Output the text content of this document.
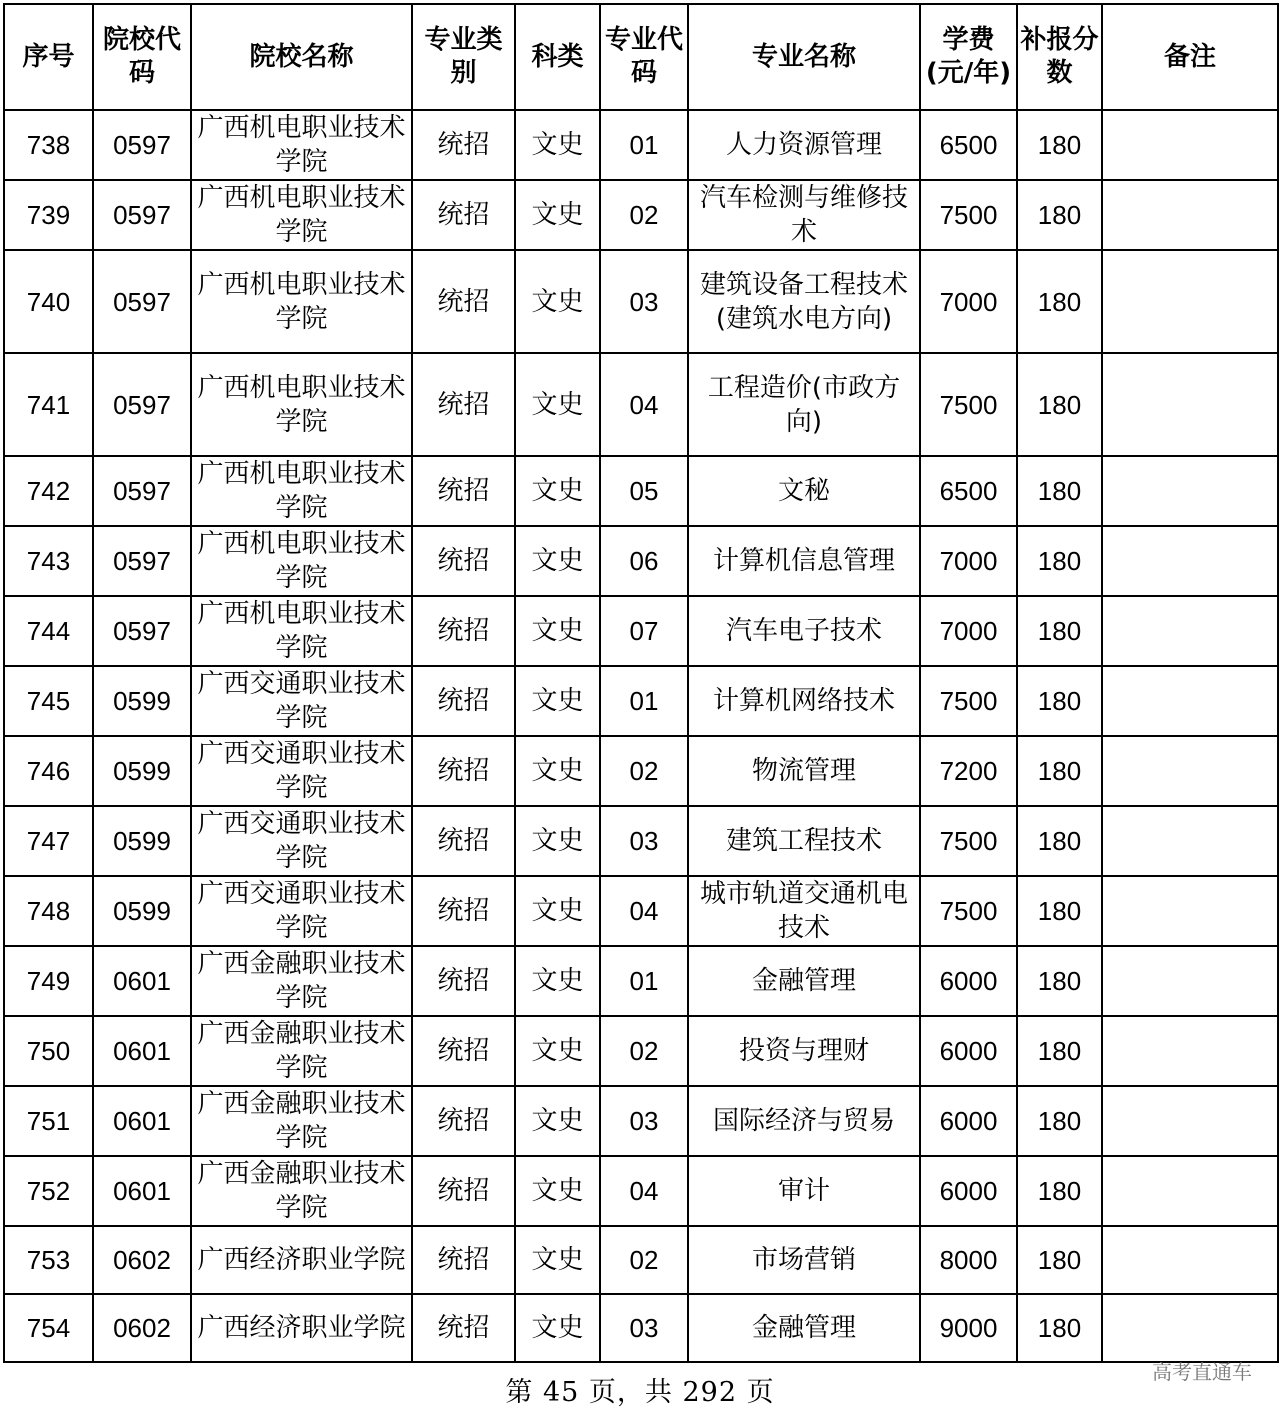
序号	院校代码	院校名称	专业类别	科类	专业代码	专业名称	学费(元/年)	补报分数	备注
738	0597	广西机电职业技术学院	统招	文史	01	人力资源管理	6500	180	
739	0597	广西机电职业技术学院	统招	文史	02	汽车检测与维修技术	7500	180	
740	0597	广西机电职业技术学院	统招	文史	03	建筑设备工程技术(建筑水电方向)	7000	180	
741	0597	广西机电职业技术学院	统招	文史	04	工程造价(市政方向)	7500	180	
742	0597	广西机电职业技术学院	统招	文史	05	文秘	6500	180	
743	0597	广西机电职业技术学院	统招	文史	06	计算机信息管理	7000	180	
744	0597	广西机电职业技术学院	统招	文史	07	汽车电子技术	7000	180	
745	0599	广西交通职业技术学院	统招	文史	01	计算机网络技术	7500	180	
746	0599	广西交通职业技术学院	统招	文史	02	物流管理	7200	180	
747	0599	广西交通职业技术学院	统招	文史	03	建筑工程技术	7500	180	
748	0599	广西交通职业技术学院	统招	文史	04	城市轨道交通机电技术	7500	180	
749	0601	广西金融职业技术学院	统招	文史	01	金融管理	6000	180	
750	0601	广西金融职业技术学院	统招	文史	02	投资与理财	6000	180	
751	0601	广西金融职业技术学院	统招	文史	03	国际经济与贸易	6000	180	
752	0601	广西金融职业技术学院	统招	文史	04	审计	6000	180	
753	0602	广西经济职业学院	统招	文史	02	市场营销	8000	180	
754	0602	广西经济职业学院	统招	文史	03	金融管理	9000	180	
第 45 页，共 292 页
高考直通车
